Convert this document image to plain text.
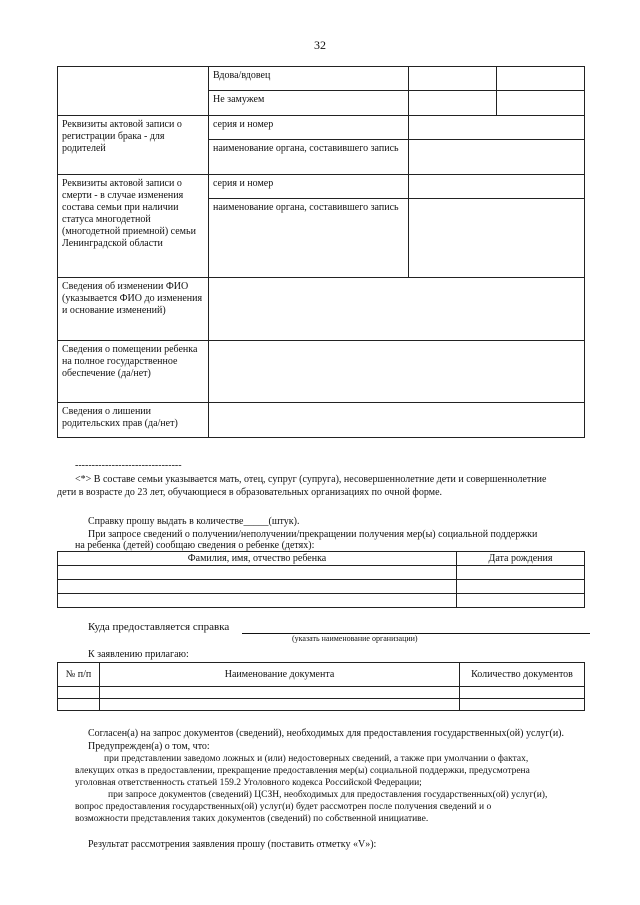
32
	Вдова/вдовец		
	Не замужем		
Реквизиты актовой записи о регистрации брака - для родителей	серия и номер		
	наименование органа, составившего запись		
Реквизиты актовой записи о смерти - в случае изменения состава семьи при наличии статуса многодетной (многодетной приемной) семьи Ленинградской области	серия и номер		
	наименование органа, составившего запись		
Сведения об изменении ФИО (указывается ФИО до изменения и основание изменений)			
Сведения о помещении ребенка на полное государственное обеспечение (да/нет)			
Сведения о лишении родительских прав (да/нет)			
--------------------------------
<*> В составе семьи указывается мать, отец, супруг (супруга), несовершеннолетние дети и совершеннолетние
дети в возрасте до 23 лет, обучающиеся в образовательных организациях по очной форме.
Справку прошу выдать в количестве_____(штук).
При запросе сведений о получении/неполучении/прекращении получения мер(ы) социальной поддержки
на ребенка (детей) сообщаю сведения о ребенке (детях):
Фамилия, имя, отчество ребенка	Дата рождения

Куда предоставляется справка
(указать наименование организации)
К заявлению прилагаю:
№ п/п	Наименование документа	Количество документов

Согласен(а) на запрос документов (сведений), необходимых для предоставления государственных(ой) услуг(и).
Предупрежден(а) о том, что:
при представлении заведомо ложных и (или) недостоверных сведений, а также при умолчании о фактах,
влекущих отказ в предоставлении, прекращение предоставления мер(ы) социальной поддержки, предусмотрена
уголовная ответственность статьей 159.2 Уголовного кодекса Российской Федерации;
при запросе документов (сведений) ЦСЗН, необходимых для предоставления государственных(ой) услуг(и),
вопрос предоставления государственных(ой) услуг(и) будет рассмотрен после получения сведений и о
возможности представления таких документов (сведений) по собственной инициативе.
Результат рассмотрения заявления прошу (поставить отметку «V»):
